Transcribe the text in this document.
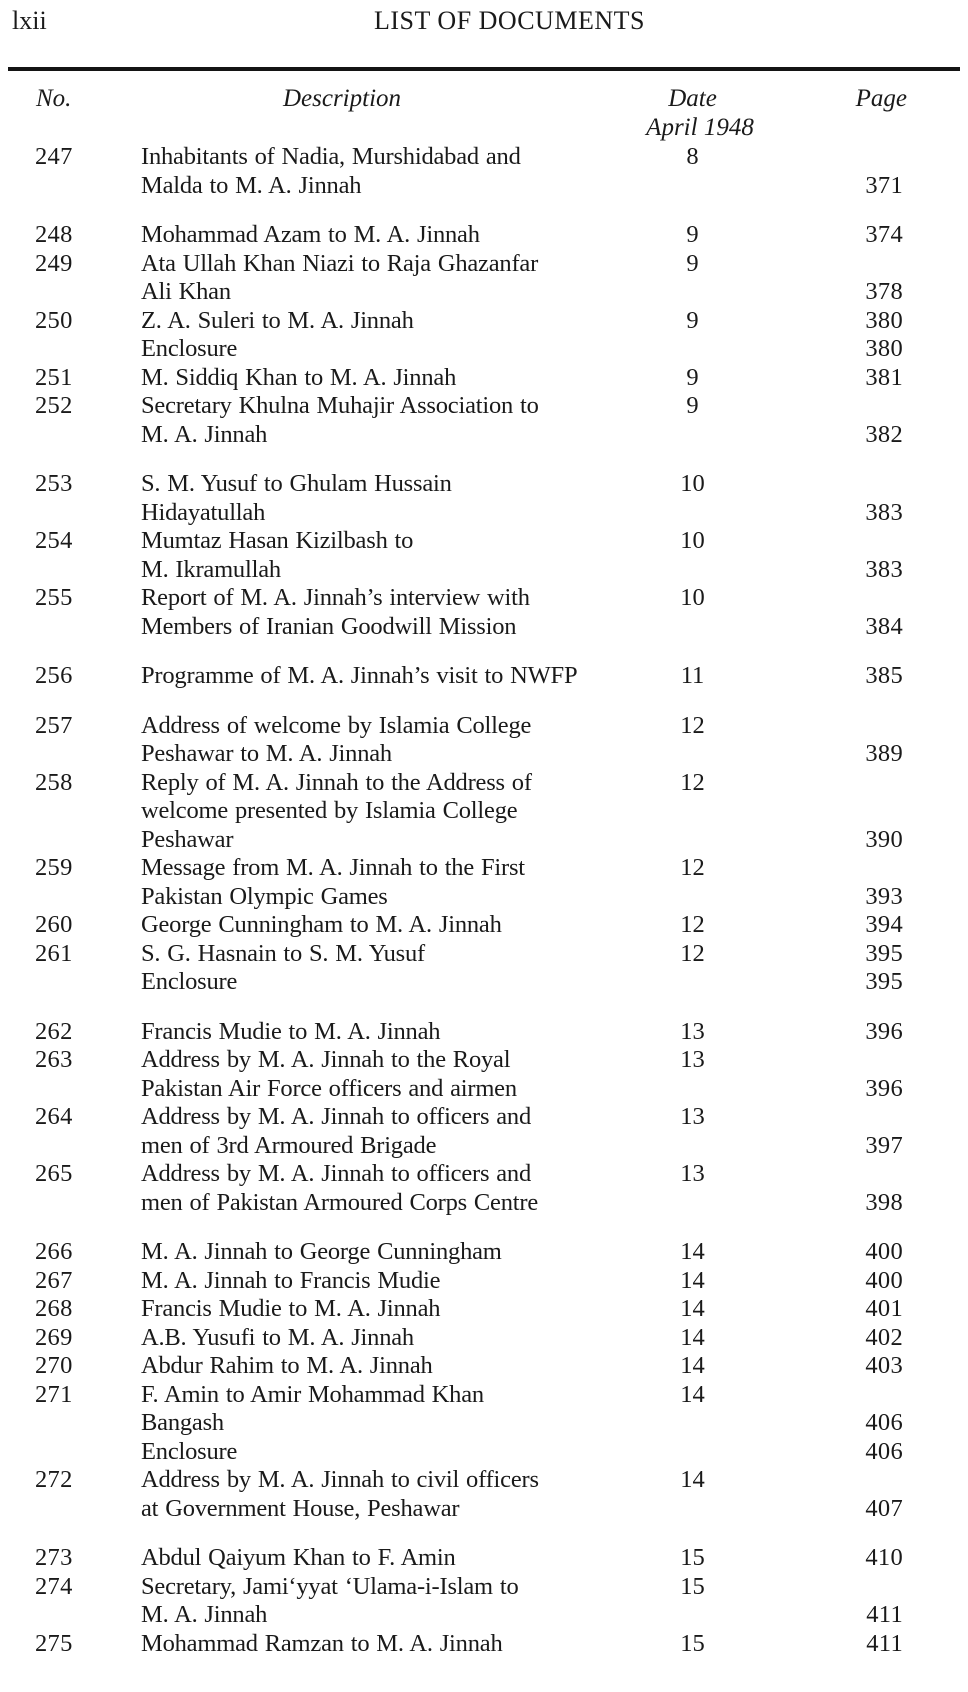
lxii	LIST OF DOCUMENTS
No.	Description	Date	Page
April 1948
247	Inhabitants of Nadia, Murshidabad and	8
Malda to M. A. Jinnah	371
248	Mohammad Azam to M. A. Jinnah	9	374
249	Ata Ullah Khan Niazi to Raja Ghazanfar	9
Ali Khan	378
250	Z. A. Suleri to M. A. Jinnah	9	380
Enclosure	380
251	M. Siddiq Khan to M. A. Jinnah	9	381
252	Secretary Khulna Muhajir Association to	9
M. A. Jinnah	382
253	S. M. Yusuf to Ghulam Hussain	10
Hidayatullah	383
254	Mumtaz Hasan Kizilbash to	10
M. Ikramullah	383
255	Report of M. A. Jinnah’s interview with	10
Members of Iranian Goodwill Mission	384
256	Programme of M. A. Jinnah’s visit to NWFP	11	385
257	Address of welcome by Islamia College	12
Peshawar to M. A. Jinnah	389
258	Reply of M. A. Jinnah to the Address of	12
welcome presented by Islamia College
Peshawar	390
259	Message from M. A. Jinnah to the First	12
Pakistan Olympic Games	393
260	George Cunningham to M. A. Jinnah	12	394
261	S. G. Hasnain to S. M. Yusuf	12	395
Enclosure	395
262	Francis Mudie to M. A. Jinnah	13	396
263	Address by M. A. Jinnah to the Royal	13
Pakistan Air Force officers and airmen	396
264	Address by M. A. Jinnah to officers and	13
men of 3rd Armoured Brigade	397
265	Address by M. A. Jinnah to officers and	13
men of Pakistan Armoured Corps Centre	398
266	M. A. Jinnah to George Cunningham	14	400
267	M. A. Jinnah to Francis Mudie	14	400
268	Francis Mudie to M. A. Jinnah	14	401
269	A.B. Yusufi to M. A. Jinnah	14	402
270	Abdur Rahim to M. A. Jinnah	14	403
271	F. Amin to Amir Mohammad Khan	14
Bangash	406
Enclosure	406
272	Address by M. A. Jinnah to civil officers	14
at Government House, Peshawar	407
273	Abdul Qaiyum Khan to F. Amin	15	410
274	Secretary, Jami‘yyat ‘Ulama-i-Islam to	15
M. A. Jinnah	411
275	Mohammad Ramzan to M. A. Jinnah	15	411
